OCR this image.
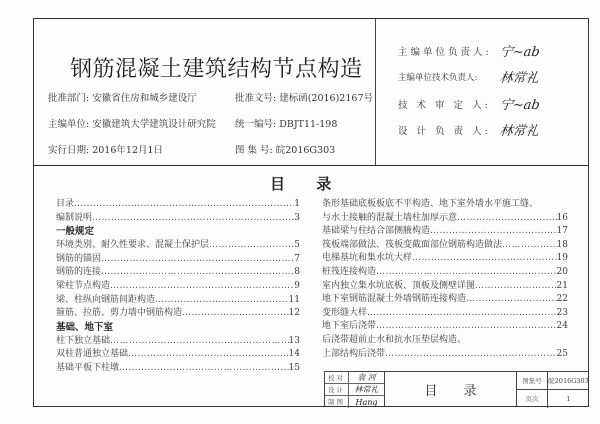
钢筋混凝土建筑结构节点构造
批准部门: 安徽省住房和城乡建设厅	批准文号: 建标函(2016)2167号
主编单位: 安徽建筑大学建筑设计研究院 统一编号: DBJT11-198
实行日期: 2016年12月1日	图 集 号: 皖2016G303
主编单位负责人: 宁~ab
主编单位技术负责人:	林常礼
技 术 审 定 人: 宁~ab
设 计 负 责 人: 林常礼
目 录
目录 ………………………………………………………………………………………………	1
编制说明 ………………………………………………………………………………………………	3
一般规定
环境类别、耐久性要求、混凝土保护层 ………………………………………………………………………………………………	5
钢筋的锚固 ………………………………………………………………………………………………	7
钢筋的连接 ………………………………………………………………………………………………	8
梁柱节点构造 ………………………………………………………………………………………………	9
梁、柱纵向钢筋间距构造 ………………………………………………………………………………………………	11
箍筋、拉筋、剪力墙中钢筋构造 ………………………………………………………………………………………………	12
基础、地下室
柱下独立基础 ………………………………………………………………………………………………	13
双柱普通独立基础 ………………………………………………………………………………………………	14
基础平板下柱墩 ………………………………………………………………………………………………	15
条形基础底板板底不平构造、地下室外墙水平施工缝、
与水土接触的混凝土墙柱加厚示意 ………………………………………………………………………………………………	16
基础梁与柱结合部侧腋构造 ………………………………………………………………………………………………	17
筏板端部做法、筏板变截面部位钢筋构造做法 ………………………………………………………………………………………………	18
电梯基坑和集水坑大样 ………………………………………………………………………………………………	19
桩筏连接构造 ………………………………………………………………………………………………	20
室内独立集水坑底板、顶板及侧壁详图 ………………………………………………………………………………………………	21
地下室钢筋混凝土外墙钢筋连接构造 ………………………………………………………………………………………………	22
变形缝大样 ………………………………………………………………………………………………	23
地下室后浇带 ………………………………………………………………………………………………	24
后浇带超前止水和抗水压垫层构造、
上部结构后浇带 ………………………………………………………………………………………………	25
校对	袁 河
设计	林常礼
制图	Hang
目 录
图集号 皖2016G303
页次	1
